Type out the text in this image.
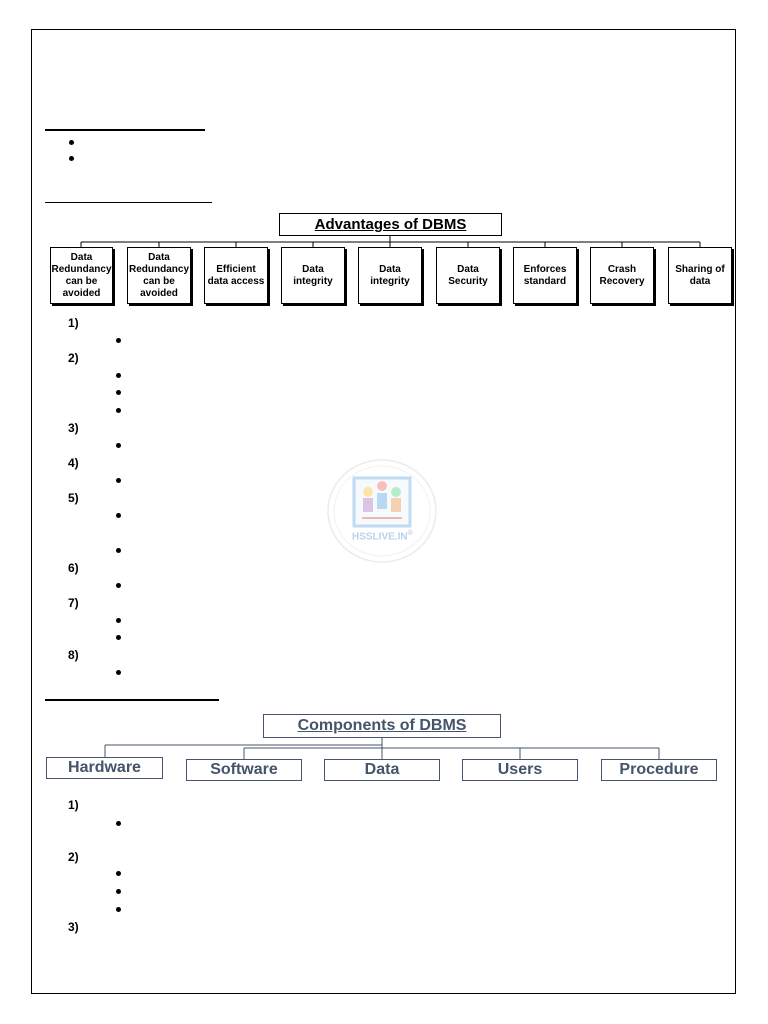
Advantages of DBMS
Data Redundancy can be avoided
Data Redundancy can be avoided
Efficient data access
Data integrity
Data integrity
Data Security
Enforces standard
Crash Recovery
Sharing of data
1)
2)
3)
4)
5)
6)
7)
8)
HSSLIVE.IN®
Components of DBMS
Hardware	Software	Data	Users	Procedure
1)
2)
3)
